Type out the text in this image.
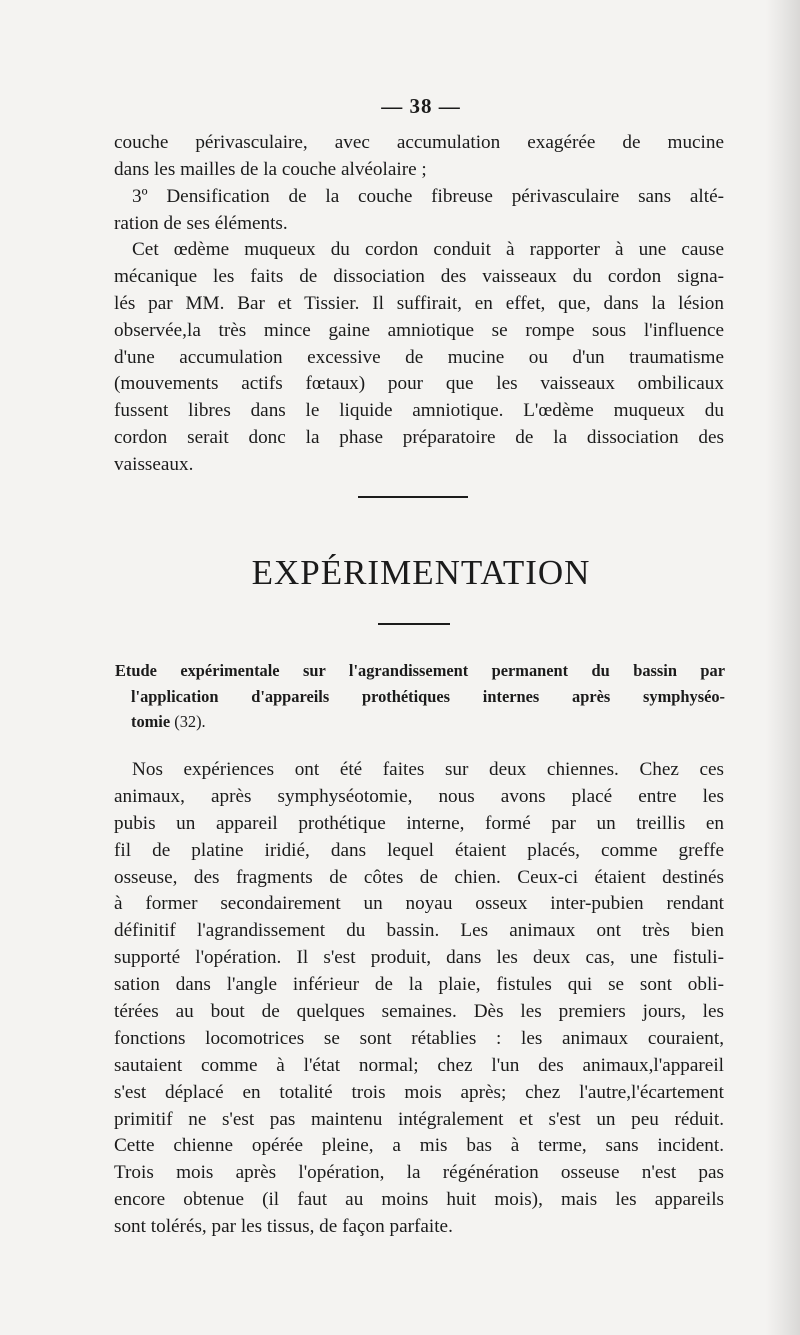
— 38 —
couche périvasculaire, avec accumulation exagérée de mucine
dans les mailles de la couche alvéolaire ;
3º Densification de la couche fibreuse périvasculaire sans alté-
ration de ses éléments.
Cet œdème muqueux du cordon conduit à rapporter à une cause
mécanique les faits de dissociation des vaisseaux du cordon signa-
lés par MM. Bar et Tissier. Il suffirait, en effet, que, dans la lésion
observée,la très mince gaine amniotique se rompe sous l'influence
d'une accumulation excessive de mucine ou d'un traumatisme
(mouvements actifs fœtaux) pour que les vaisseaux ombilicaux
fussent libres dans le liquide amniotique. L'œdème muqueux du
cordon serait donc la phase préparatoire de la dissociation des
vaisseaux.
EXPÉRIMENTATION
Etude expérimentale sur l'agrandissement permanent du bassin par
l'application d'appareils prothétiques internes après symphyséo-
tomie (32).
Nos expériences ont été faites sur deux chiennes. Chez ces
animaux, après symphyséotomie, nous avons placé entre les
pubis un appareil prothétique interne, formé par un treillis en
fil de platine iridié, dans lequel étaient placés, comme greffe
osseuse, des fragments de côtes de chien. Ceux-ci étaient destinés
à former secondairement un noyau osseux inter-pubien rendant
définitif l'agrandissement du bassin. Les animaux ont très bien
supporté l'opération. Il s'est produit, dans les deux cas, une fistuli-
sation dans l'angle inférieur de la plaie, fistules qui se sont obli-
térées au bout de quelques semaines. Dès les premiers jours, les
fonctions locomotrices se sont rétablies : les animaux couraient,
sautaient comme à l'état normal; chez l'un des animaux,l'appareil
s'est déplacé en totalité trois mois après; chez l'autre,l'écartement
primitif ne s'est pas maintenu intégralement et s'est un peu réduit.
Cette chienne opérée pleine, a mis bas à terme, sans incident.
Trois mois après l'opération, la régénération osseuse n'est pas
encore obtenue (il faut au moins huit mois), mais les appareils
sont tolérés, par les tissus, de façon parfaite.
